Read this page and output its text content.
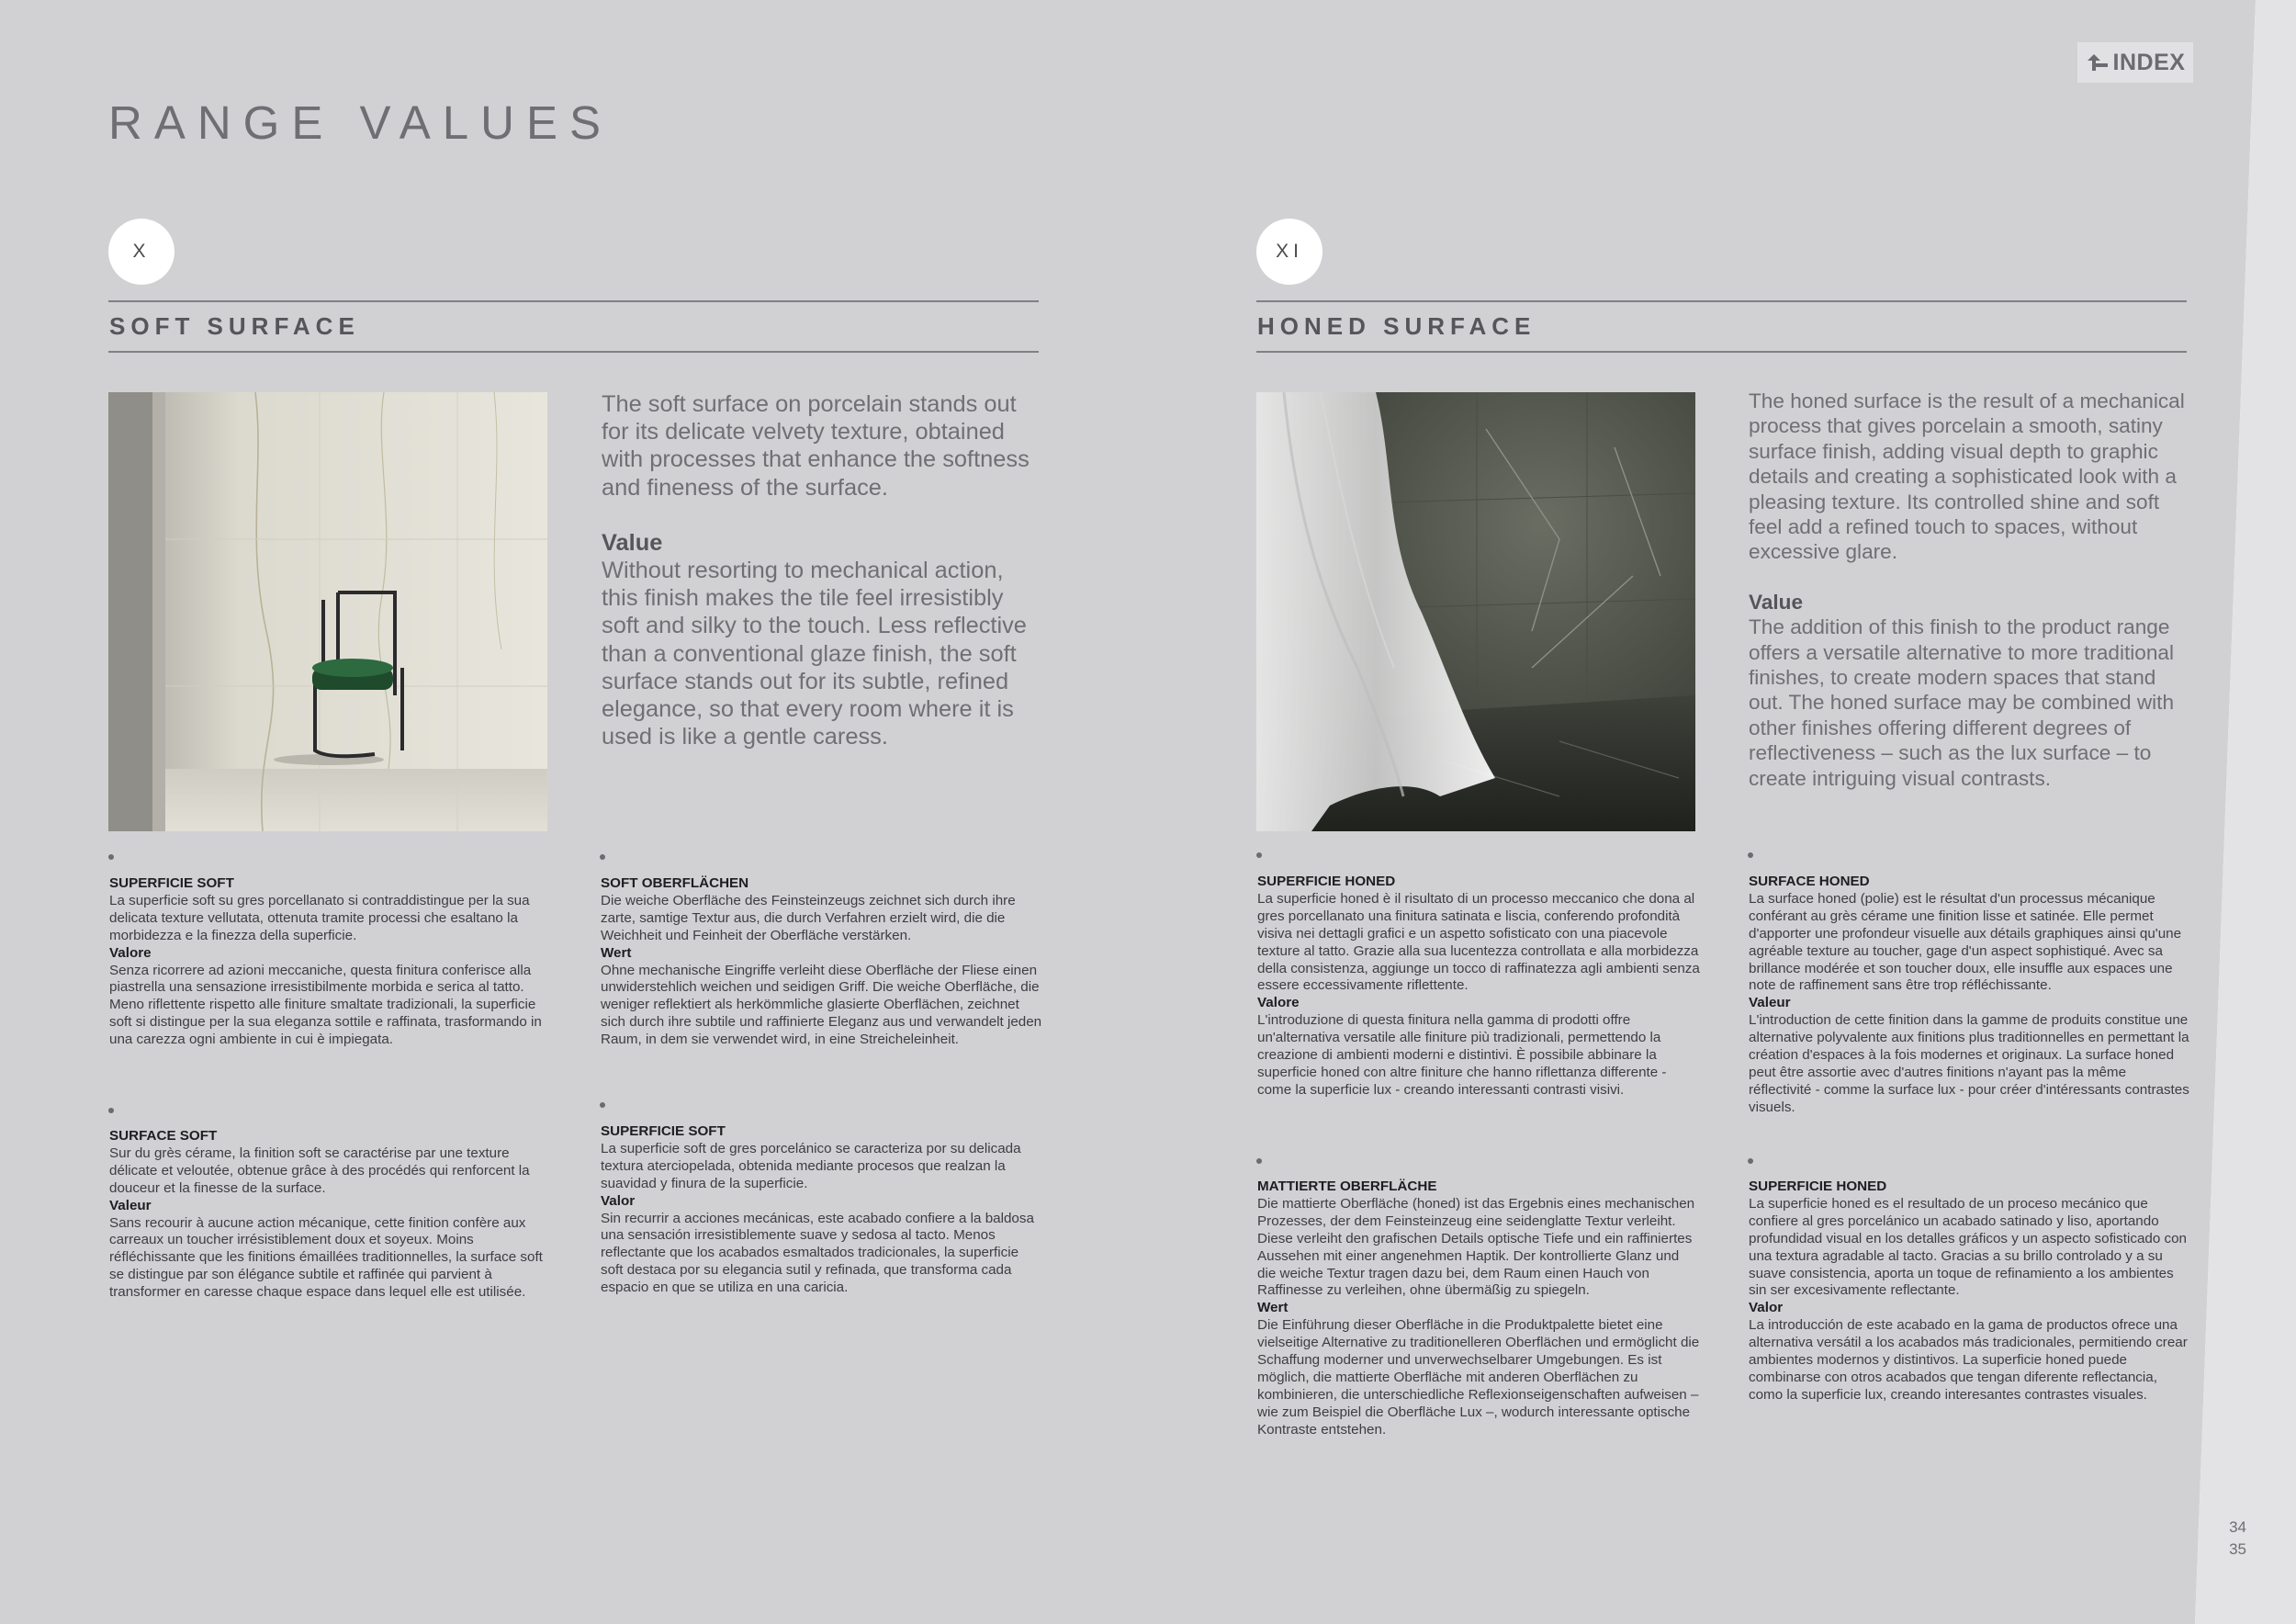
INDEX
RANGE VALUES
X
SOFT SURFACE

The soft surface on porcelain stands out for its delicate velvety texture, obtained with processes that enhance the softness and fineness of the surface.

Value

Without resorting to mechanical action, this finish makes the tile feel irresistibly soft and silky to the touch. Less reflective than a conventional glaze finish, the soft surface stands out for its subtle, refined elegance, so that every room where it is used is like a gentle caress.

SUPERFICIE SOFT

La superficie soft su gres porcellanato si contraddistingue per la sua delicata texture vellutata, ottenuta tramite processi che esaltano la morbidezza e la finezza della superficie.

Valore

Senza ricorrere ad azioni meccaniche, questa finitura conferisce alla piastrella una sensazione irresistibilmente morbida e serica al tatto. Meno riflettente rispetto alle finiture smaltate tradizionali, la superficie soft si distingue per la sua eleganza sottile e raffinata, trasformando in una carezza ogni ambiente in cui è impiegata.

SOFT OBERFLÄCHEN

Die weiche Oberfläche des Feinsteinzeugs zeichnet sich durch ihre zarte, samtige Textur aus, die durch Verfahren erzielt wird, die die Weichheit und Feinheit der Oberfläche verstärken.

Wert

Ohne mechanische Eingriffe verleiht diese Oberfläche der Fliese einen unwiderstehlich weichen und seidigen Griff. Die weiche Oberfläche, die weniger reflektiert als herkömmliche glasierte Oberflächen, zeichnet sich durch ihre subtile und raffinierte Eleganz aus und verwandelt jeden Raum, in dem sie verwendet wird, in eine Streicheleinheit.

SURFACE SOFT

Sur du grès cérame, la finition soft se caractérise par une texture délicate et veloutée, obtenue grâce à des procédés qui renforcent la douceur et la finesse de la surface.

Valeur

Sans recourir à aucune action mécanique, cette finition confère aux carreaux un toucher irrésistiblement doux et soyeux. Moins réfléchissante que les finitions émaillées traditionnelles, la surface soft se distingue par son élégance subtile et raffinée qui parvient à transformer en caresse chaque espace dans lequel elle est utilisée.

SUPERFICIE SOFT

La superficie soft de gres porcelánico se caracteriza por su delicada textura aterciopelada, obtenida mediante procesos que realzan la suavidad y finura de la superficie.

Valor

Sin recurrir a acciones mecánicas, este acabado confiere a la baldosa una sensación irresistiblemente suave y sedosa al tacto. Menos reflectante que los acabados esmaltados tradicionales, la superficie soft destaca por su elegancia sutil y refinada, que transforma cada espacio en que se utiliza en una caricia.

XI
HONED SURFACE

The honed surface is the result of a mechanical process that gives porcelain a smooth, satiny surface finish, adding visual depth to graphic details and creating a sophisticated look with a pleasing texture. Its controlled shine and soft feel add a refined touch to spaces, without excessive glare.

Value

The addition of this finish to the product range offers a versatile alternative to more traditional finishes, to create modern spaces that stand out. The honed surface may be combined with other finishes offering different degrees of reflectiveness – such as the lux surface – to create intriguing visual contrasts.

SUPERFICIE HONED

La superficie honed è il risultato di un processo meccanico che dona al gres porcellanato una finitura satinata e liscia, conferendo profondità visiva nei dettagli grafici e un aspetto sofisticato con una piacevole texture al tatto. Grazie alla sua lucentezza controllata e alla morbidezza della consistenza, aggiunge un tocco di raffinatezza agli ambienti senza essere eccessivamente riflettente.

Valore

L'introduzione di questa finitura nella gamma di prodotti offre un'alternativa versatile alle finiture più tradizionali, permettendo la creazione di ambienti moderni e distintivi. È possibile abbinare la superficie honed con altre finiture che hanno riflettanza differente - come la superficie lux - creando interessanti contrasti visivi.

SURFACE HONED

La surface honed (polie) est le résultat d'un processus mécanique conférant au grès cérame une finition lisse et satinée. Elle permet d'apporter une profondeur visuelle aux détails graphiques ainsi qu'une agréable texture au toucher, gage d'un aspect sophistiqué. Avec sa brillance modérée et son toucher doux, elle insuffle aux espaces une note de raffinement sans être trop réfléchissante.

Valeur

L'introduction de cette finition dans la gamme de produits constitue une alternative polyvalente aux finitions plus traditionnelles en permettant la création d'espaces à la fois modernes et originaux. La surface honed peut être assortie avec d'autres finitions n'ayant pas la même réflectivité - comme la surface lux - pour créer d'intéressants contrastes visuels.

MATTIERTE OBERFLÄCHE

Die mattierte Oberfläche (honed) ist das Ergebnis eines mechanischen Prozesses, der dem Feinsteinzeug eine seidenglatte Textur verleiht. Diese verleiht den grafischen Details optische Tiefe und ein raffiniertes Aussehen mit einer angenehmen Haptik. Der kontrollierte Glanz und die weiche Textur tragen dazu bei, dem Raum einen Hauch von Raffinesse zu verleihen, ohne übermäßig zu spiegeln.

Wert

Die Einführung dieser Oberfläche in die Produktpalette bietet eine vielseitige Alternative zu traditionelleren Oberflächen und ermöglicht die Schaffung moderner und unverwechselbarer Umgebungen. Es ist möglich, die mattierte Oberfläche mit anderen Oberflächen zu kombinieren, die unterschiedliche Reflexionseigenschaften aufweisen – wie zum Beispiel die Oberfläche Lux –, wodurch interessante optische Kontraste entstehen.

SUPERFICIE HONED

La superficie honed es el resultado de un proceso mecánico que confiere al gres porcelánico un acabado satinado y liso, aportando profundidad visual en los detalles gráficos y un aspecto sofisticado con una textura agradable al tacto. Gracias a su brillo controlado y a su suave consistencia, aporta un toque de refinamiento a los ambientes sin ser excesivamente reflectante.

Valor

La introducción de este acabado en la gama de productos ofrece una alternativa versátil a los acabados más tradicionales, permitiendo crear ambientes modernos y distintivos. La superficie honed puede combinarse con otros acabados que tengan diferente reflectancia, como la superficie lux, creando interesantes contrastes visuales.

34
35
